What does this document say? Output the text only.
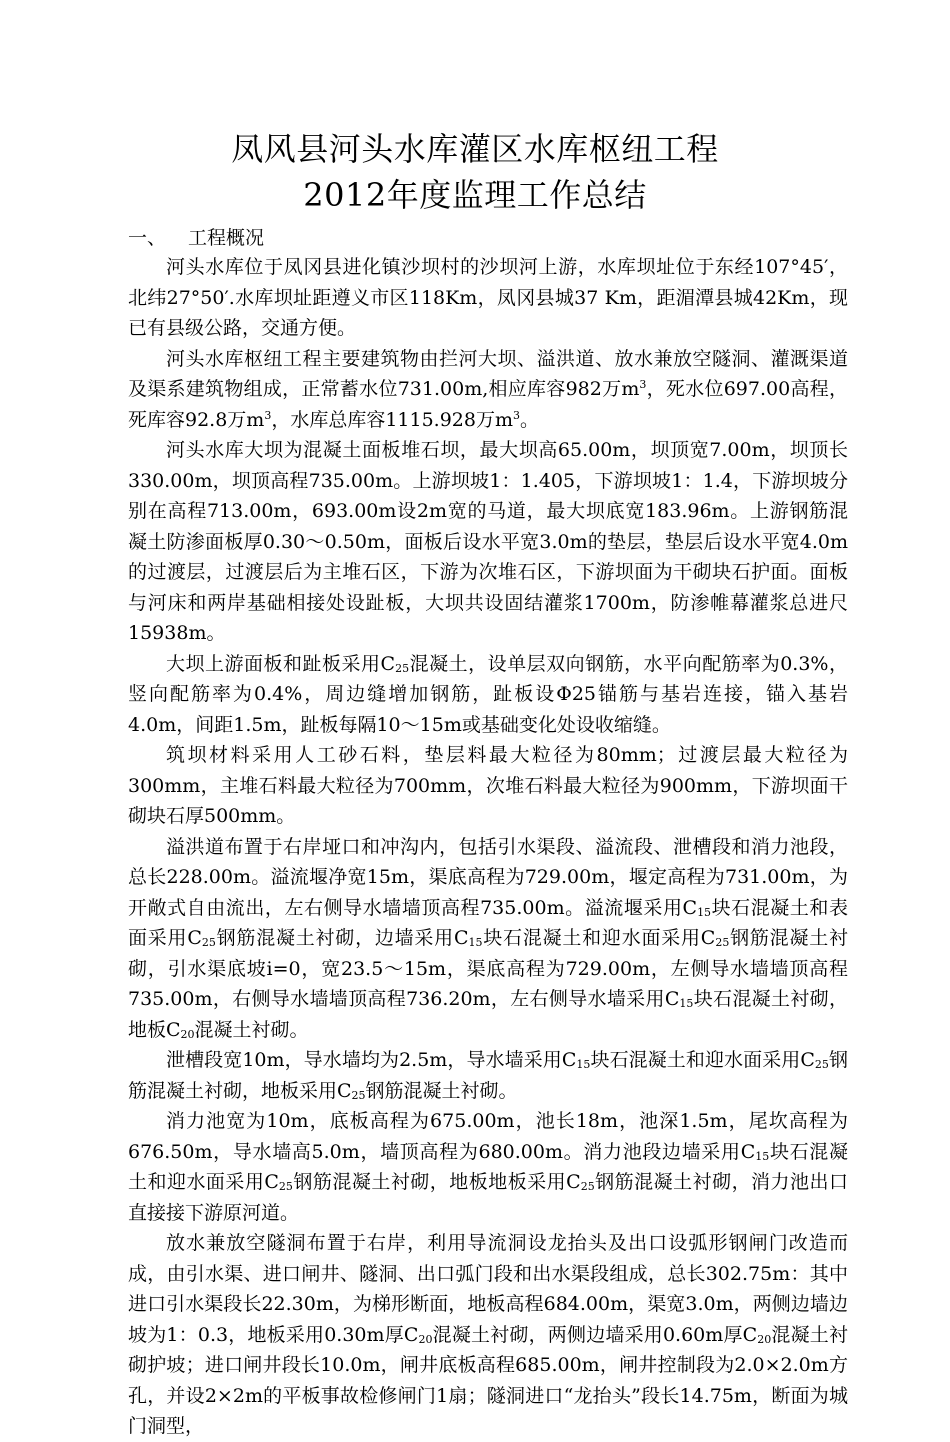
凤风县河头水库灌区水库枢纽工程
2012年度监理工作总结

一、 工程概况

河头水库位于凤冈县进化镇沙坝村的沙坝河上游，水库坝址位于东经107°45′，北纬27°50′.水库坝址距遵义市区118Km，凤冈县城37 Km，距湄潭县城42Km，现已有县级公路，交通方便。

河头水库枢纽工程主要建筑物由拦河大坝、溢洪道、放水兼放空隧洞、灌溉渠道及渠系建筑物组成，正常蓄水位731.00m,相应库容982万$m^3$，死水位697.00高程，死库容92.8万$m^3$，水库总库容1115.928万$m^3$。

河头水库大坝为混凝土面板堆石坝，最大坝高65.00m，坝顶宽7.00m，坝顶长330.00m，坝顶高程735.00m。上游坝坡1：1.405，下游坝坡1：1.4，下游坝坡分别在高程713.00m，693.00m设2m宽的马道，最大坝底宽183.96m。上游钢筋混凝土防渗面板厚0.30～0.50m，面板后设水平宽3.0m的垫层，垫层后设水平宽4.0m的过渡层，过渡层后为主堆石区，下游为次堆石区，下游坝面为干砌块石护面。面板与河床和两岸基础相接处设趾板，大坝共设固结灌浆1700m，防渗帷幕灌浆总进尺15938m。

大坝上游面板和趾板采用$C_{25}$混凝土，设单层双向钢筋，水平向配筋率为0.3%，竖向配筋率为0.4%，周边缝增加钢筋，趾板设Φ25锚筋与基岩连接，锚入基岩4.0m，间距1.5m，趾板每隔10～15m或基础变化处设收缩缝。

筑坝材料采用人工砂石料，垫层料最大粒径为80mm；过渡层最大粒径为300mm，主堆石料最大粒径为700mm，次堆石料最大粒径为900mm，下游坝面干砌块石厚500mm。

溢洪道布置于右岸垭口和冲沟内，包括引水渠段、溢流段、泄槽段和消力池段，总长228.00m。溢流堰净宽15m，渠底高程为729.00m，堰定高程为731.00m，为开敞式自由流出，左右侧导水墙墙顶高程735.00m。溢流堰采用$C_{15}$块石混凝土和表面采用$C_{25}$钢筋混凝土衬砌，边墙采用$C_{15}$块石混凝土和迎水面采用$C_{25}$钢筋混凝土衬砌，引水渠底坡i=0，宽23.5～15m，渠底高程为729.00m，左侧导水墙墙顶高程735.00m，右侧导水墙墙顶高程736.20m，左右侧导水墙采用$C_{15}$块石混凝土衬砌，地板$C_{20}$混凝土衬砌。

泄槽段宽10m，导水墙均为2.5m，导水墙采用$C_{15}$块石混凝土和迎水面采用$C_{25}$钢筋混凝土衬砌，地板采用$C_{25}$钢筋混凝土衬砌。

消力池宽为10m，底板高程为675.00m，池长18m，池深1.5m，尾坎高程为676.50m，导水墙高5.0m，墙顶高程为680.00m。消力池段边墙采用$C_{15}$块石混凝土和迎水面采用$C_{25}$钢筋混凝土衬砌，地板地板采用$C_{25}$钢筋混凝土衬砌，消力池出口直接接下游原河道。

放水兼放空隧洞布置于右岸，利用导流洞设龙抬头及出口设弧形钢闸门改造而成，由引水渠、进口闸井、隧洞、出口弧门段和出水渠段组成，总长302.75m：其中进口引水渠段长22.30m，为梯形断面，地板高程684.00m，渠宽3.0m，两侧边墙边坡为1：0.3，地板采用0.30m厚$C_{20}$混凝土衬砌，两侧边墙采用0.60m厚$C_{20}$混凝土衬砌护坡；进口闸井段长10.0m，闸井底板高程685.00m，闸井控制段为2.0×2.0m方孔，并设2×2m的平板事故检修闸门1扇；隧洞进口“龙抬头”段长14.75m，断面为城门洞型，
